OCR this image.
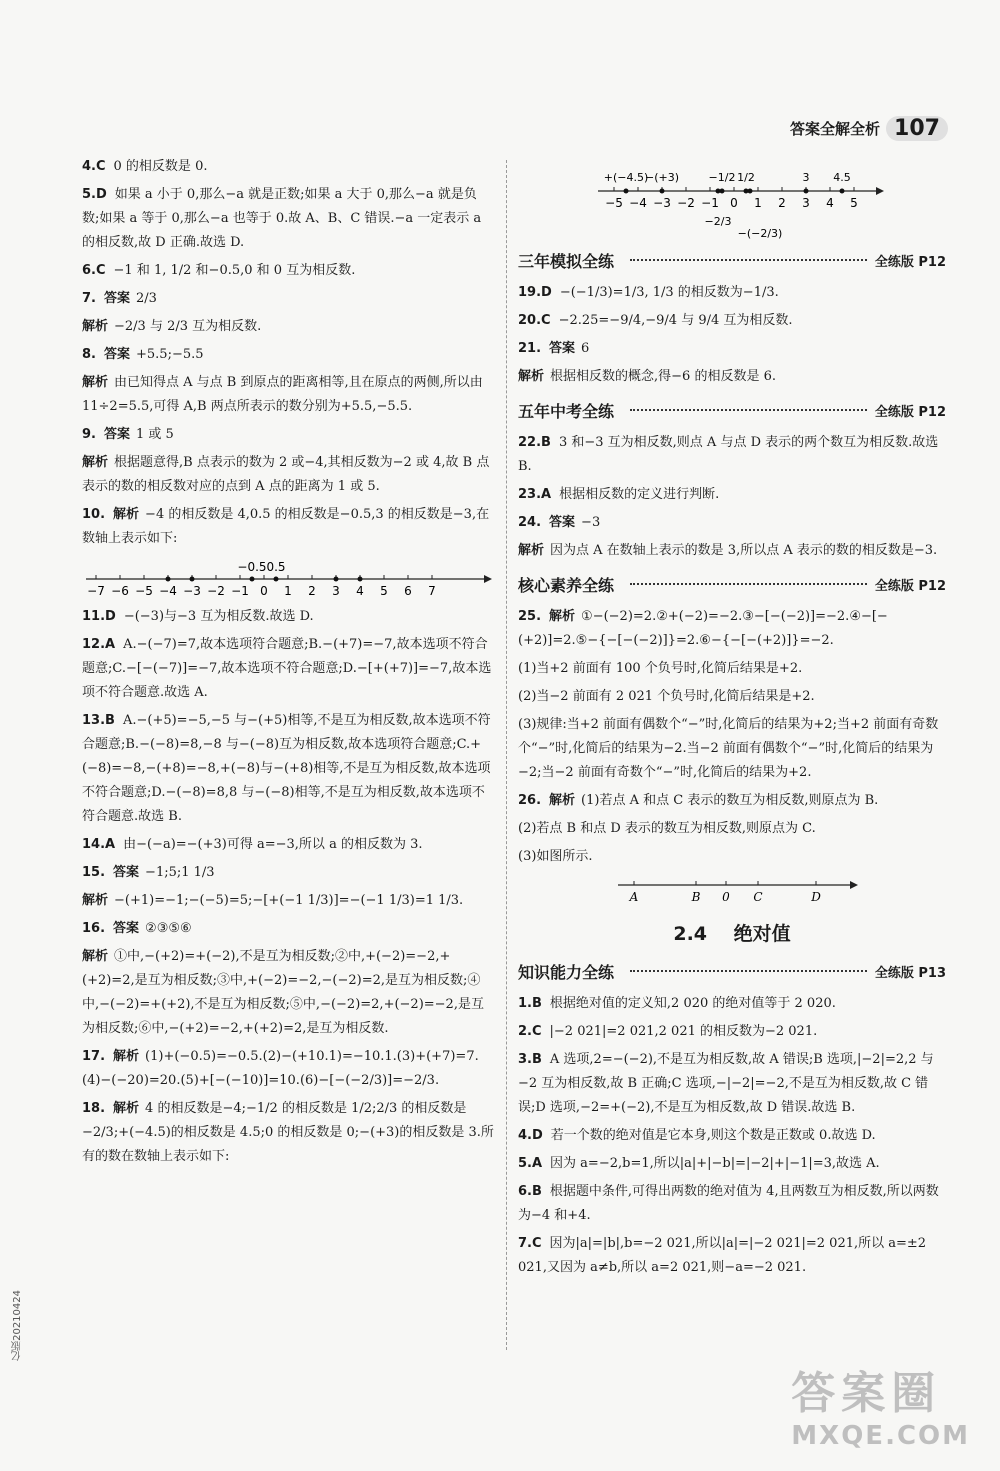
答案全解全析 107
4.C 0 的相反数是 0.
5.D 如果 a 小于 0,那么−a 就是正数;如果 a 大于 0,那么−a 就是负数;如果 a 等于 0,那么−a 也等于 0.故 A、B、C 错误.−a 一定表示 a 的相反数,故 D 正确.故选 D.
6.C −1 和 1, 1/2 和−0.5,0 和 0 互为相反数.
7. 答案 2/3
解析 −2/3 与 2/3 互为相反数.
8. 答案 +5.5;−5.5
解析 由已知得点 A 与点 B 到原点的距离相等,且在原点的两侧,所以由 11÷2=5.5,可得 A,B 两点所表示的数分别为+5.5,−5.5.
9. 答案 1 或 5
解析 根据题意得,B 点表示的数为 2 或−4,其相反数为−2 或 4,故 B 点表示的数的相反数对应的点到 A 点的距离为 1 或 5.
10. 解析 −4 的相反数是 4,0.5 的相反数是−0.5,3 的相反数是−3,在数轴上表示如下:
−7 −6 −5 −4 −3 −2 −1 0 1 2 3 4 5 6 7
−0.5 0.5
11.D −(−3)与−3 互为相反数.故选 D.
12.A A.−(−7)=7,故本选项符合题意;B.−(+7)=−7,故本选项不符合题意;C.−[−(−7)]=−7,故本选项不符合题意;D.−[+(+7)]=−7,故本选项不符合题意.故选 A.
13.B A.−(+5)=−5,−5 与−(+5)相等,不是互为相反数,故本选项不符合题意;B.−(−8)=8,−8 与−(−8)互为相反数,故本选项符合题意;C.+(−8)=−8,−(+8)=−8,+(−8)与−(+8)相等,不是互为相反数,故本选项不符合题意;D.−(−8)=8,8 与−(−8)相等,不是互为相反数,故本选项不符合题意.故选 B.
14.A 由−(−a)=−(+3)可得 a=−3,所以 a 的相反数为 3.
15. 答案 −1;5;1 1/3
解析 −(+1)=−1;−(−5)=5;−[+(−1 1/3)]=−(−1 1/3)=1 1/3.
16. 答案 ②③⑤⑥
解析 ①中,−(+2)=+(−2),不是互为相反数;②中,+(−2)=−2,+(+2)=2,是互为相反数;③中,+(−2)=−2,−(−2)=2,是互为相反数;④中,−(−2)=+(+2),不是互为相反数;⑤中,−(−2)=2,+(−2)=−2,是互为相反数;⑥中,−(+2)=−2,+(+2)=2,是互为相反数.
17. 解析 (1)+(−0.5)=−0.5.(2)−(+10.1)=−10.1.(3)+(+7)=7.(4)−(−20)=20.(5)+[−(−10)]=10.(6)−[−(−2/3)]=−2/3.
18. 解析 4 的相反数是−4;−1/2 的相反数是 1/2;2/3 的相反数是−2/3;+(−4.5)的相反数是 4.5;0 的相反数是 0;−(+3)的相反数是 3.所有的数在数轴上表示如下:
−5 −4 −3 −2 −1 0 1 2 3 4 5
+(−4.5)
−(+3)	−1/2 1/2	3 4.5
−2/3
−(−2/3)
三年模拟全练	全练版 P12
19.D −(−1/3)=1/3, 1/3 的相反数为−1/3.
20.C −2.25=−9/4,−9/4 与 9/4 互为相反数.
21. 答案 6
解析 根据相反数的概念,得−6 的相反数是 6.
五年中考全练	全练版 P12
22.B 3 和−3 互为相反数,则点 A 与点 D 表示的两个数互为相反数.故选 B.
23.A 根据相反数的定义进行判断.
24. 答案 −3
解析 因为点 A 在数轴上表示的数是 3,所以点 A 表示的数的相反数是−3.
核心素养全练	全练版 P12
25. 解析 ①−(−2)=2.②+(−2)=−2.③−[−(−2)]=−2.④−[−(+2)]=2.⑤−{−[−(−2)]}=2.⑥−{−[−(+2)]}=−2.
(1)当+2 前面有 100 个负号时,化简后结果是+2.
(2)当−2 前面有 2 021 个负号时,化简后结果是+2.
(3)规律:当+2 前面有偶数个“−”时,化简后的结果为+2;当+2 前面有奇数个“−”时,化简后的结果为−2.当−2 前面有偶数个“−”时,化简后的结果为−2;当−2 前面有奇数个“−”时,化简后的结果为+2.
26. 解析 (1)若点 A 和点 C 表示的数互为相反数,则原点为 B.
(2)若点 B 和点 D 表示的数互为相反数,则原点为 C.
(3)如图所示.
A	B 0 C	D
2.4 绝对值
知识能力全练	全练版 P13
1.B 根据绝对值的定义知,2 020 的绝对值等于 2 020.
2.C |−2 021|=2 021,2 021 的相反数为−2 021.
3.B A 选项,2=−(−2),不是互为相反数,故 A 错误;B 选项,|−2|=2,2 与−2 互为相反数,故 B 正确;C 选项,−|−2|=−2,不是互为相反数,故 C 错误;D 选项,−2=+(−2),不是互为相反数,故 D 错误.故选 B.
4.D 若一个数的绝对值是它本身,则这个数是正数或 0.故选 D.
5.A 因为 a=−2,b=1,所以|a|+|−b|=|−2|+|−1|=3,故选 A.
6.B 根据题中条件,可得出两数的绝对值为 4,且两数互为相反数,所以两数为−4 和+4.
7.C 因为|a|=|b|,b=−2 021,所以|a|=|−2 021|=2 021,所以 a=±2 021,又因为 a≠b,所以 a=2 021,则−a=−2 021.
亿版20210424
答案圈
MXQE.COM
